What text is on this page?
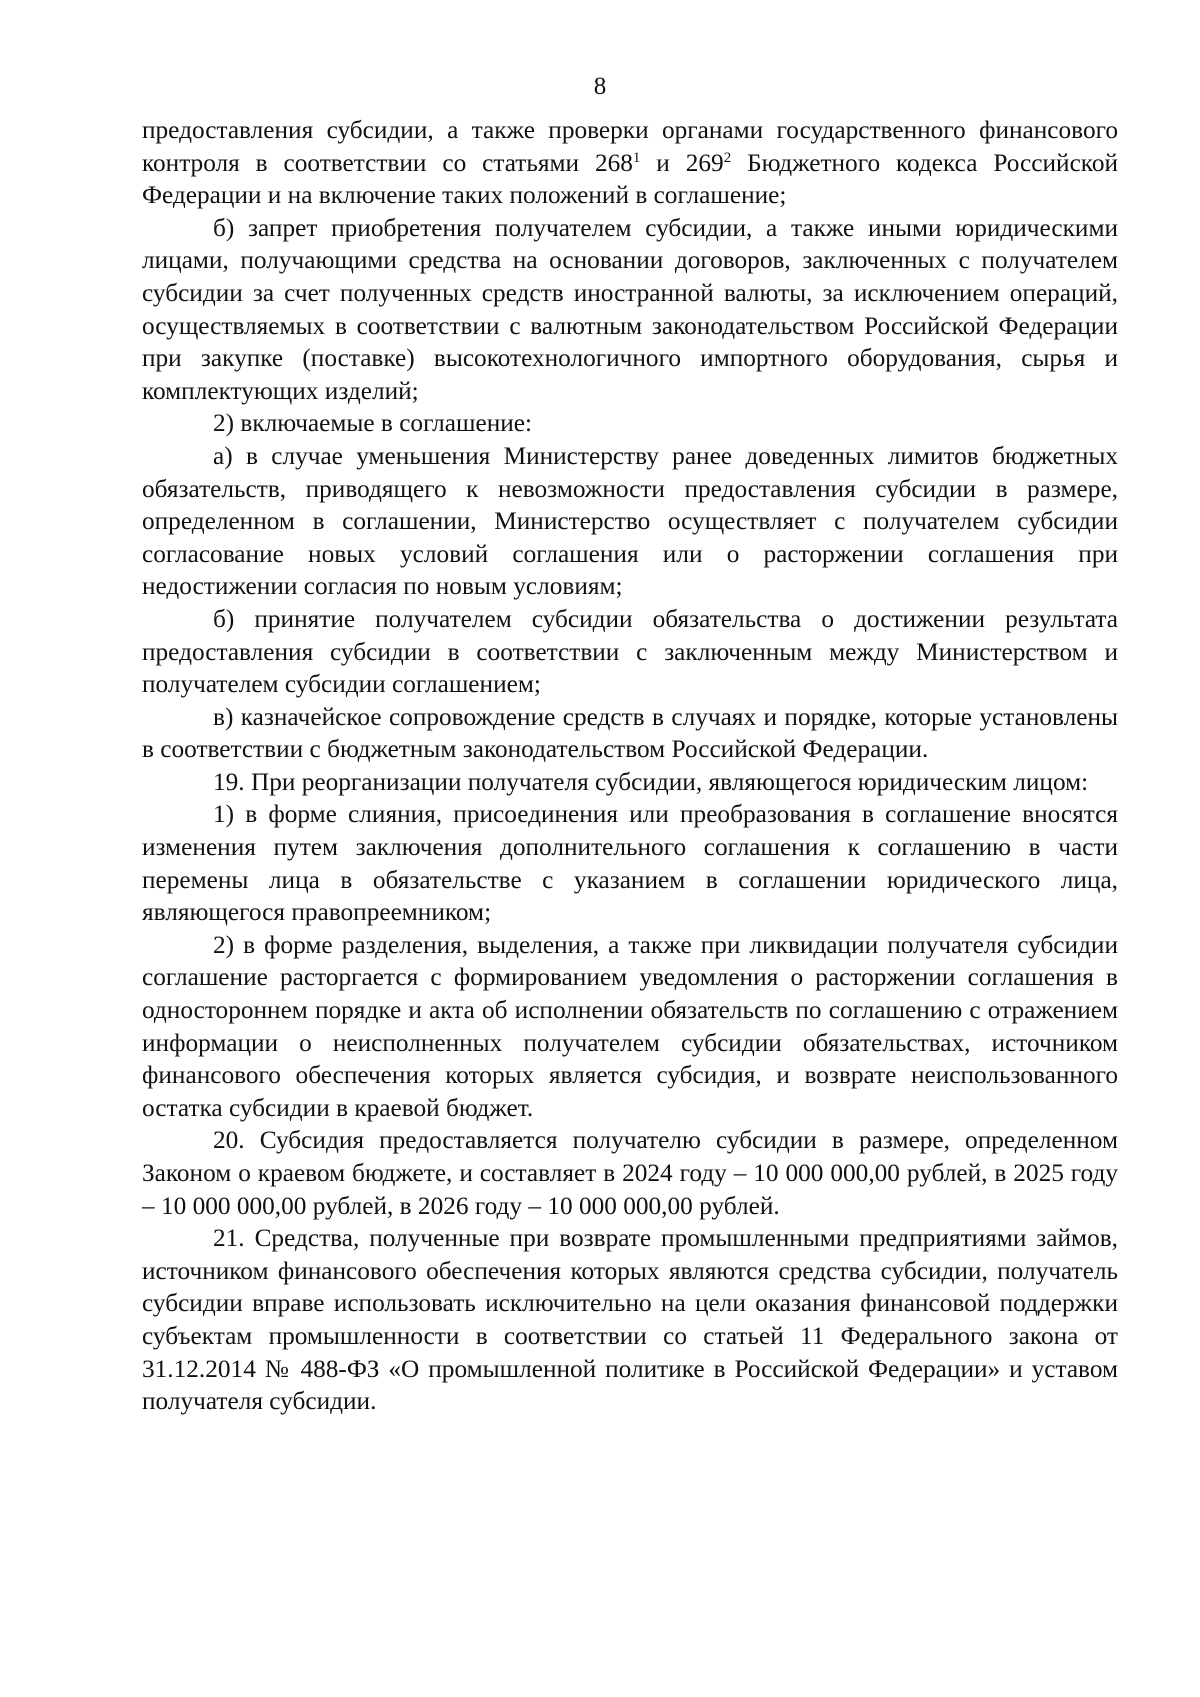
8

предоставления субсидии, а также проверки органами государственного финансового контроля в соответствии со статьями $268^1$ и $269^2$ Бюджетного кодекса Российской Федерации и на включение таких положений в соглашение;

б) запрет приобретения получателем субсидии, а также иными юридическими лицами, получающими средства на основании договоров, заключенных с получателем субсидии за счет полученных средств иностранной валюты, за исключением операций, осуществляемых в соответствии с валютным законодательством Российской Федерации при закупке (поставке) высокотехнологичного импортного оборудования, сырья и комплектующих изделий;

2) включаемые в соглашение:

а) в случае уменьшения Министерству ранее доведенных лимитов бюджетных обязательств, приводящего к невозможности предоставления субсидии в размере, определенном в соглашении, Министерство осуществляет с получателем субсидии согласование новых условий соглашения или о расторжении соглашения при недостижении согласия по новым условиям;

б) принятие получателем субсидии обязательства о достижении результата предоставления субсидии в соответствии с заключенным между Министерством и получателем субсидии соглашением;

в) казначейское сопровождение средств в случаях и порядке, которые установлены в соответствии с бюджетным законодательством Российской Федерации.

19. При реорганизации получателя субсидии, являющегося юридическим лицом:

1) в форме слияния, присоединения или преобразования в соглашение вносятся изменения путем заключения дополнительного соглашения к соглашению в части перемены лица в обязательстве с указанием в соглашении юридического лица, являющегося правопреемником;

2) в форме разделения, выделения, а также при ликвидации получателя субсидии соглашение расторгается с формированием уведомления о расторжении соглашения в одностороннем порядке и акта об исполнении обязательств по соглашению с отражением информации о неисполненных получателем субсидии обязательствах, источником финансового обеспечения которых является субсидия, и возврате неиспользованного остатка субсидии в краевой бюджет.

20. Субсидия предоставляется получателю субсидии в размере, определенном Законом о краевом бюджете, и составляет в 2024 году – 10 000 000,00 рублей, в 2025 году – 10 000 000,00 рублей, в 2026 году – 10 000 000,00 рублей.

21. Средства, полученные при возврате промышленными предприятиями займов, источником финансового обеспечения которых являются средства субсидии, получатель субсидии вправе использовать исключительно на цели оказания финансовой поддержки субъектам промышленности в соответствии со статьей 11 Федерального закона от 31.12.2014 № 488-ФЗ «О промышленной политике в Российской Федерации» и уставом получателя субсидии.
